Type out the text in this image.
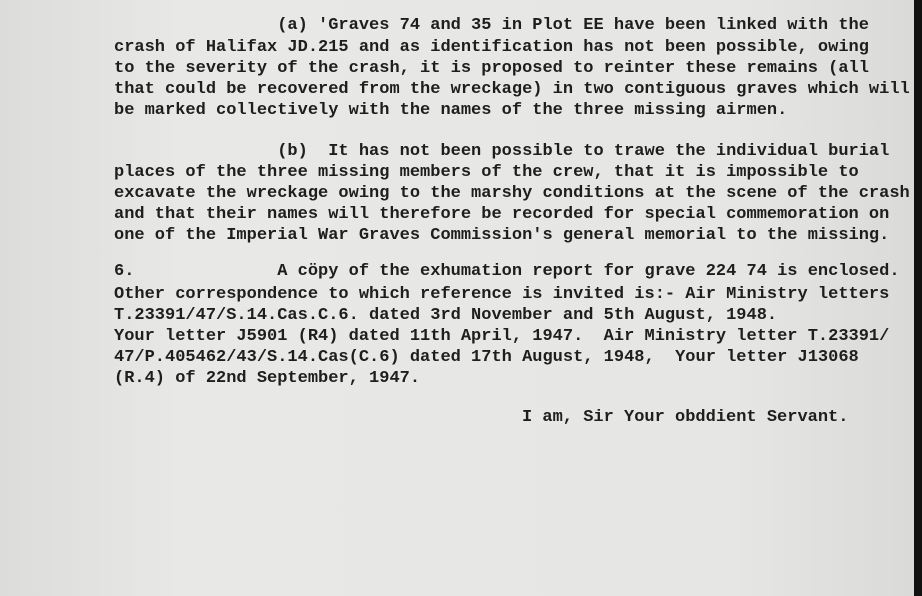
(a) 'Graves 74 and 35 in Plot EE have been linked with the
crash of Halifax JD.215 and as identification has not been possible, owing
to the severity of the crash, it is proposed to reinter these remains (all
that could be recovered from the wreckage) in two contiguous graves which will
be marked collectively with the names of the three missing airmen.
(b)  It has not been possible to trawe the individual burial
places of the three missing members of the crew, that it is impossible to
excavate the wreckage owing to the marshy conditions at the scene of the crash
and that their names will therefore be recorded for special commemoration on
one of the Imperial War Graves Commission's general memorial to the missing.
6.              A cöpy of the exhumation report for grave 224 74 is enclosed.
Other correspondence to which reference is invited is:- Air Ministry letters
T.23391/47/S.14.Cas.C.6. dated 3rd November and 5th August, 1948.
Your letter J5901 (R4) dated 11th April, 1947.  Air Ministry letter T.23391/
47/P.405462/43/S.14.Cas(C.6) dated 17th August, 1948,  Your letter J13068
(R.4) of 22nd September, 1947.
I am, Sir Your obddient Servant.
